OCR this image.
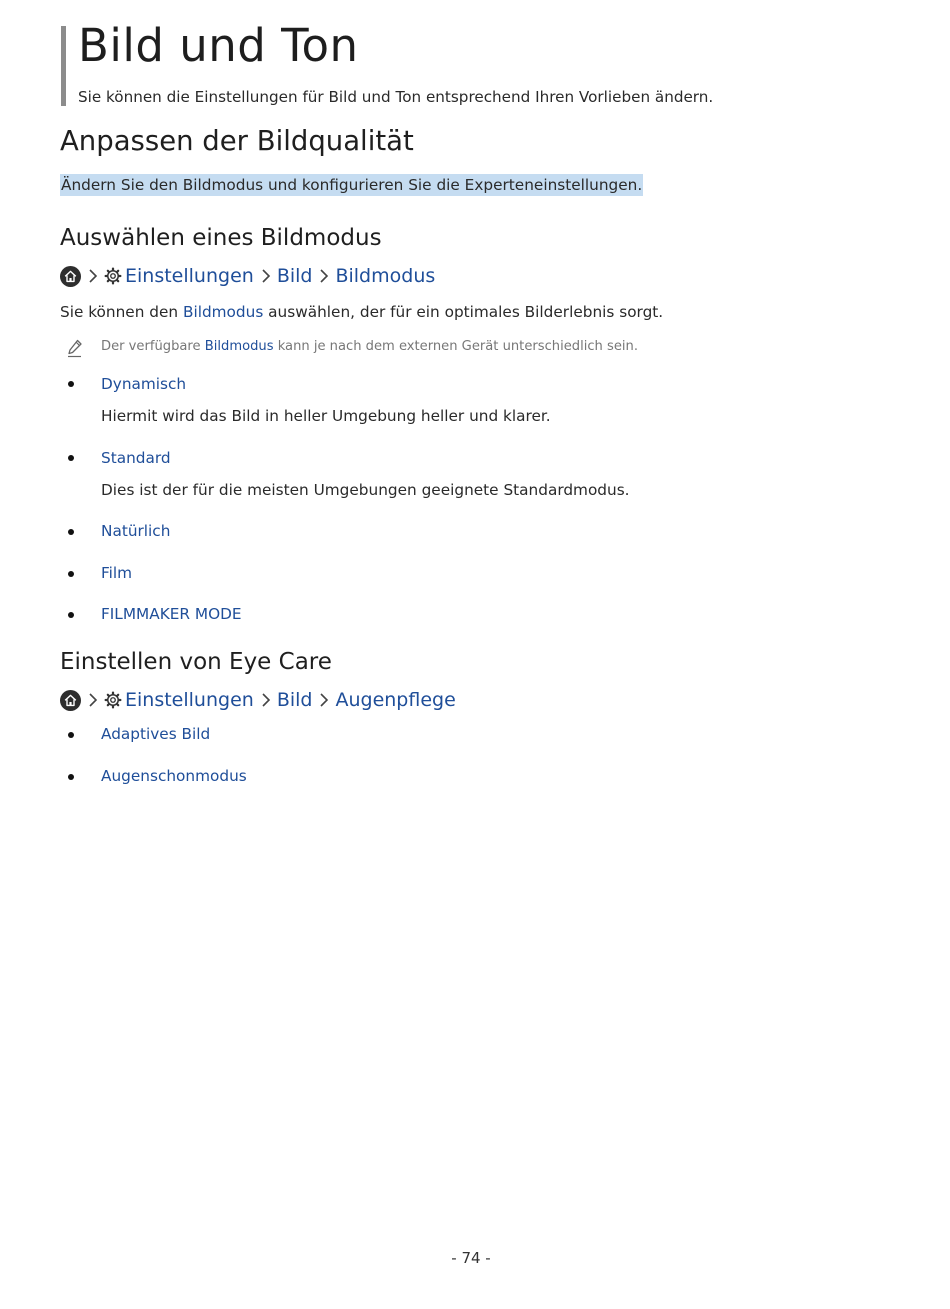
Bild und Ton

Sie können die Einstellungen für Bild und Ton entsprechend Ihren Vorlieben ändern.

Anpassen der Bildqualität

Ändern Sie den Bildmodus und konfigurieren Sie die Experteneinstellungen.

Auswählen eines Bildmodus
Einstellungen Bild Bildmodus

Sie können den Bildmodus auswählen, der für ein optimales Bilderlebnis sorgt.

Der verfügbare Bildmodus kann je nach dem externen Gerät unterschiedlich sein.

Dynamisch

Hiermit wird das Bild in heller Umgebung heller und klarer.

Standard

Dies ist der für die meisten Umgebungen geeignete Standardmodus.

Natürlich

Film

FILMMAKER MODE

Einstellen von Eye Care
Einstellungen Bild Augenpflege

Adaptives Bild

Augenschonmodus

- 74 -
